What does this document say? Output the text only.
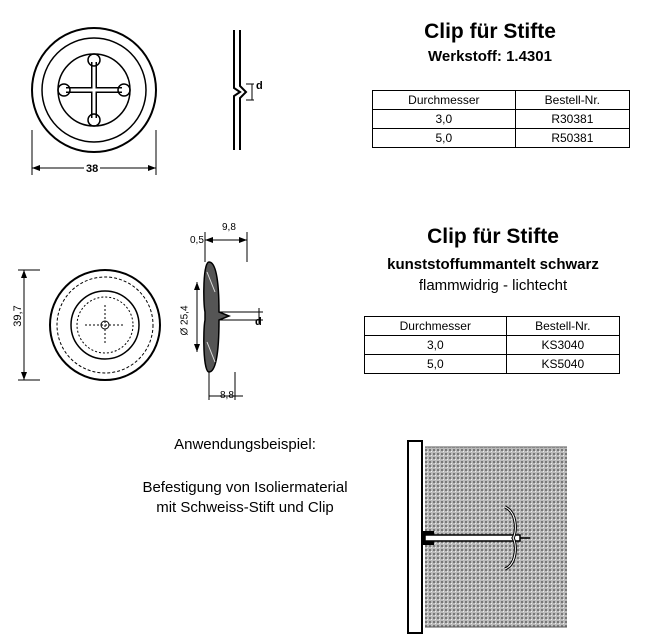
38
d
Clip für Stifte
Werkstoff: 1.4301
Durchmesser	Bestell-Nr.
3,0	R30381
5,0	R50381
39,7
9,8
0,5
Ø 25,4
8,8
d
Clip für Stifte
kunststoffummantelt schwarz
flammwidrig - lichtecht
Durchmesser	Bestell-Nr.
3,0	KS3040
5,0	KS5040
Anwendungsbeispiel:
Befestigung von Isoliermaterial
mit Schweiss-Stift und Clip
